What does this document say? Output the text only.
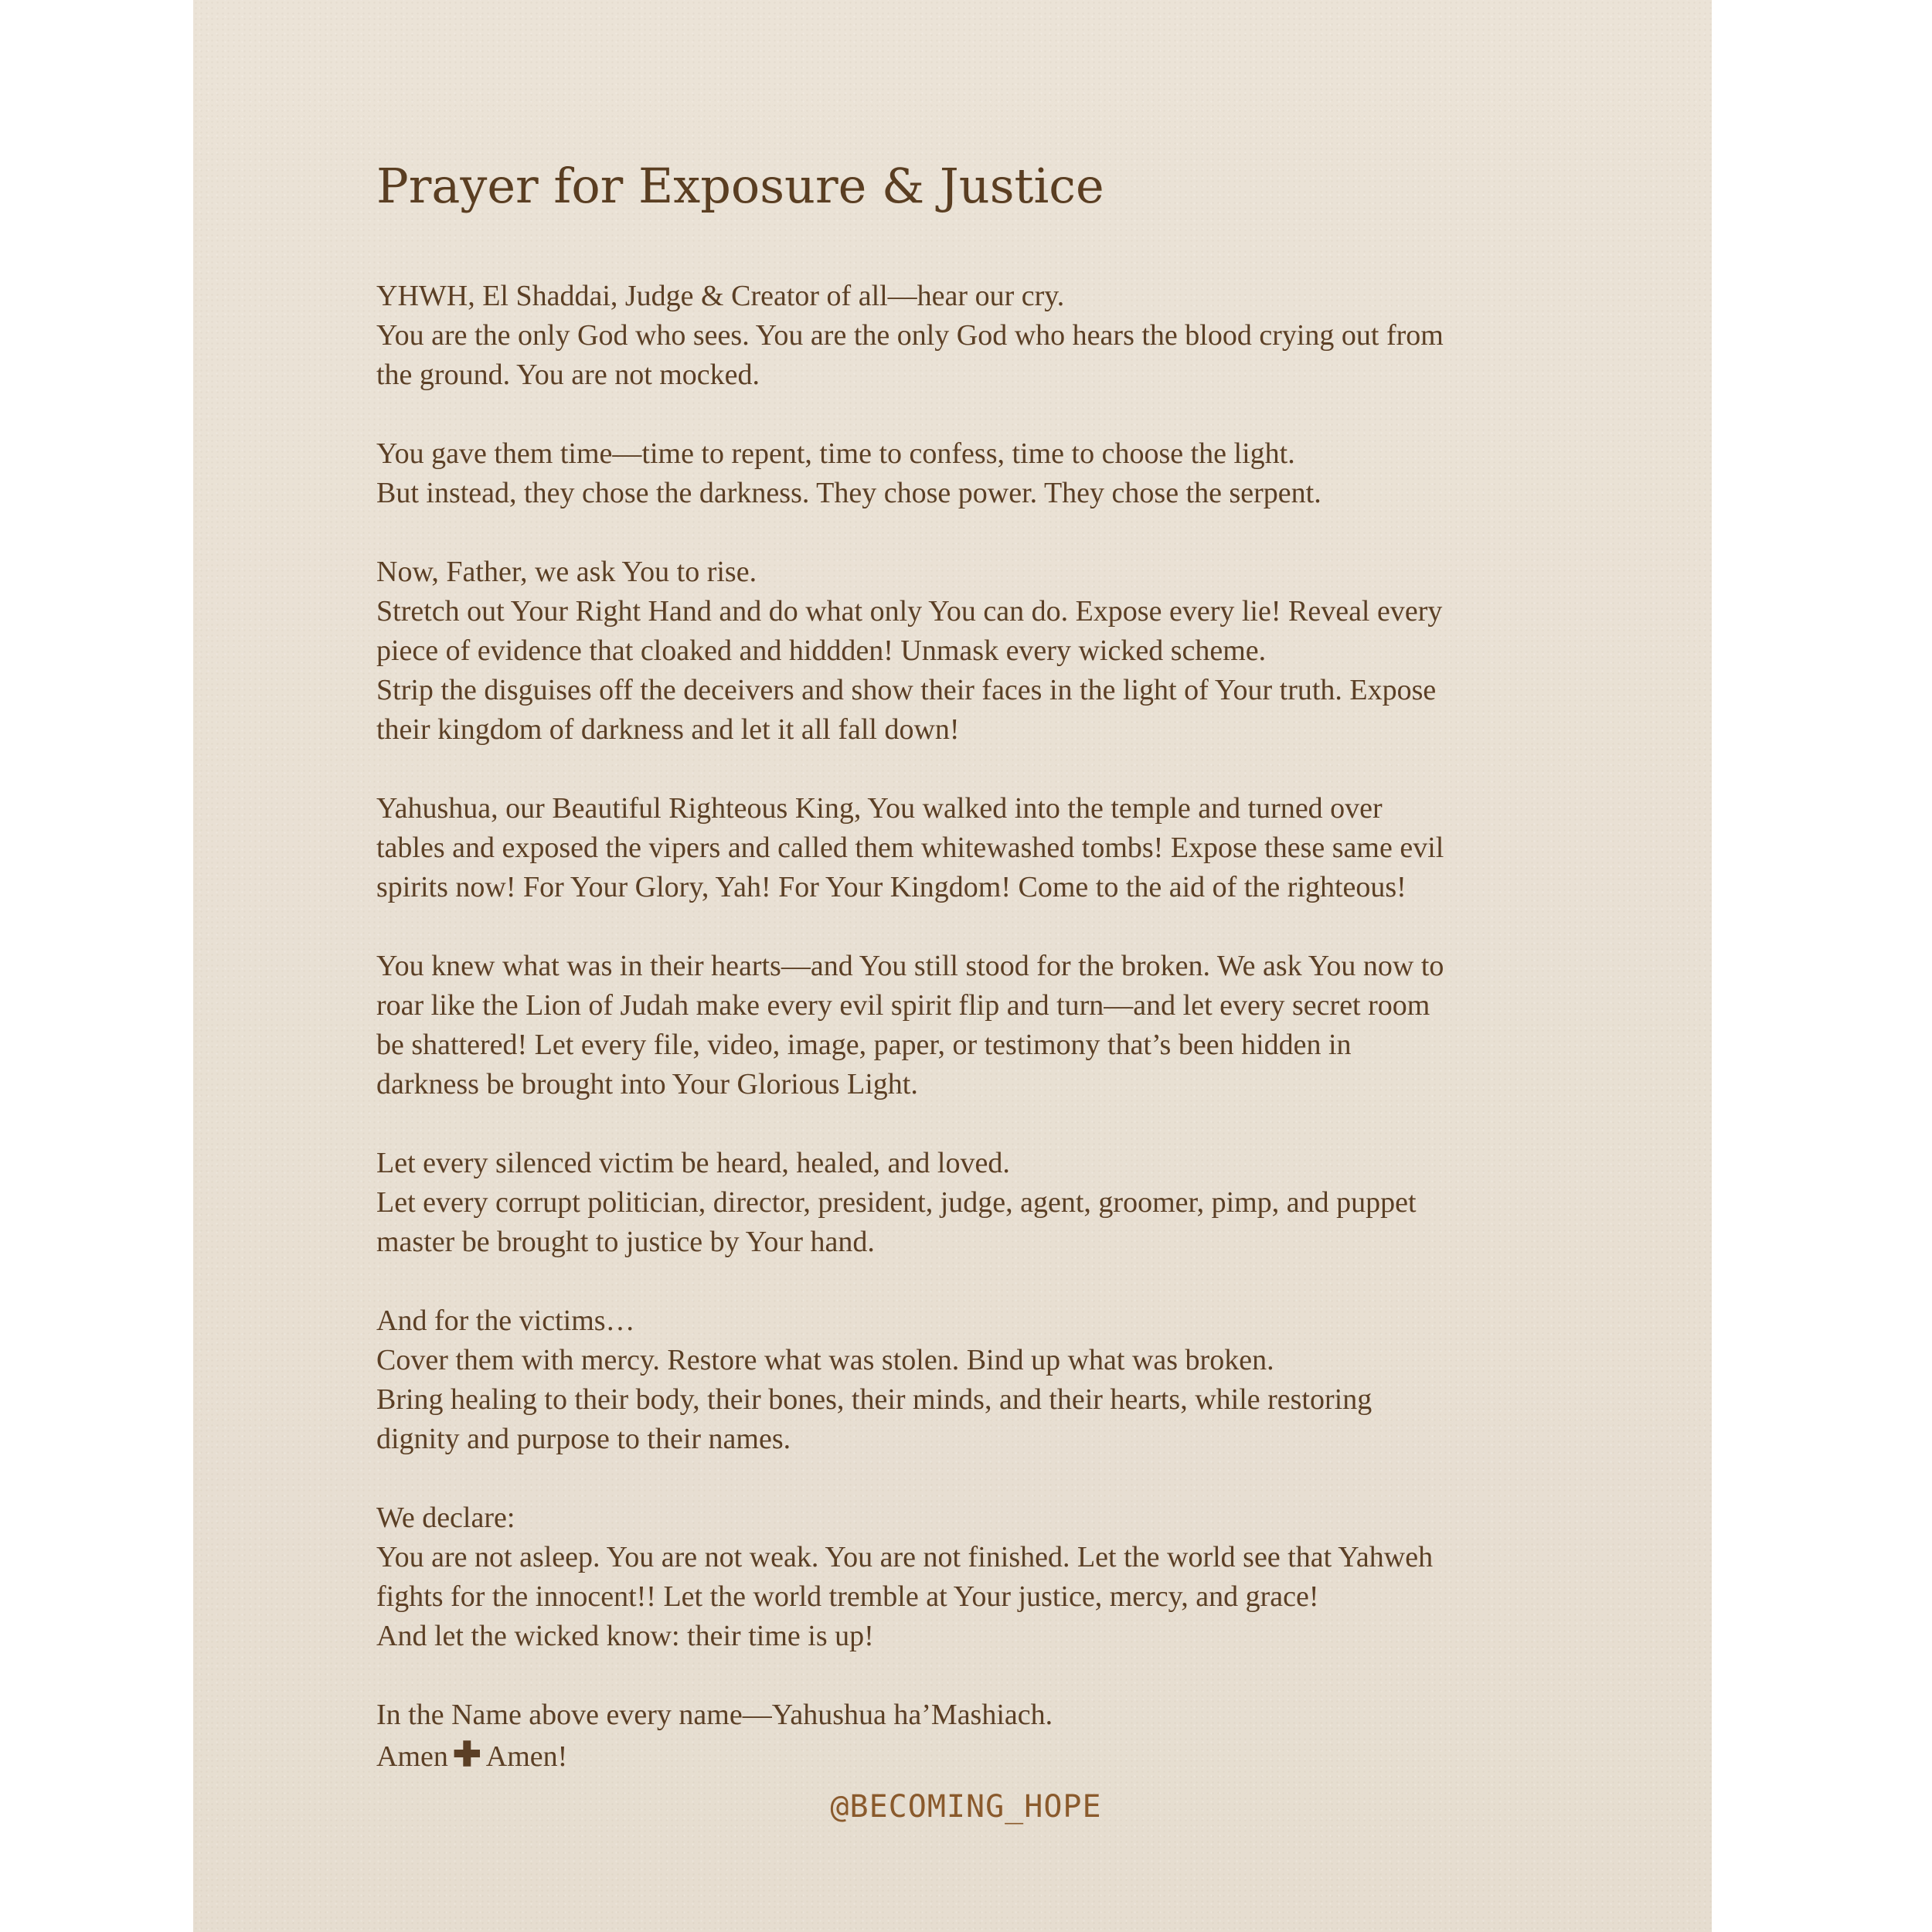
Prayer for Exposure & Justice

YHWH, El Shaddai, Judge & Creator of all—hear our cry.

You are the only God who sees. You are the only God who hears the blood crying out from

the ground. You are not mocked.

You gave them time—time to repent, time to confess, time to choose the light.

But instead, they chose the darkness. They chose power. They chose the serpent.

Now, Father, we ask You to rise.

Stretch out Your Right Hand and do what only You can do. Expose every lie! Reveal every

piece of evidence that cloaked and hiddden! Unmask every wicked scheme.

Strip the disguises off the deceivers and show their faces in the light of Your truth. Expose

their kingdom of darkness and let it all fall down!

Yahushua, our Beautiful Righteous King, You walked into the temple and turned over

tables and exposed the vipers and called them whitewashed tombs! Expose these same evil

spirits now! For Your Glory, Yah! For Your Kingdom! Come to the aid of the righteous!

You knew what was in their hearts—and You still stood for the broken. We ask You now to

roar like the Lion of Judah make every evil spirit flip and turn—and let every secret room

be shattered! Let every file, video, image, paper, or testimony that’s been hidden in

darkness be brought into Your Glorious Light.

Let every silenced victim be heard, healed, and loved.

Let every corrupt politician, director, president, judge, agent, groomer, pimp, and puppet

master be brought to justice by Your hand.

And for the victims…

Cover them with mercy. Restore what was stolen. Bind up what was broken.

Bring healing to their body, their bones, their minds, and their hearts, while restoring

dignity and purpose to their names.

We declare:

You are not asleep. You are not weak. You are not finished. Let the world see that Yahweh

fights for the innocent!! Let the world tremble at Your justice, mercy, and grace!

And let the wicked know: their time is up!

In the Name above every name—Yahushua ha’Mashiach.

Amen ✚ Amen!

@BECOMING_HOPE
